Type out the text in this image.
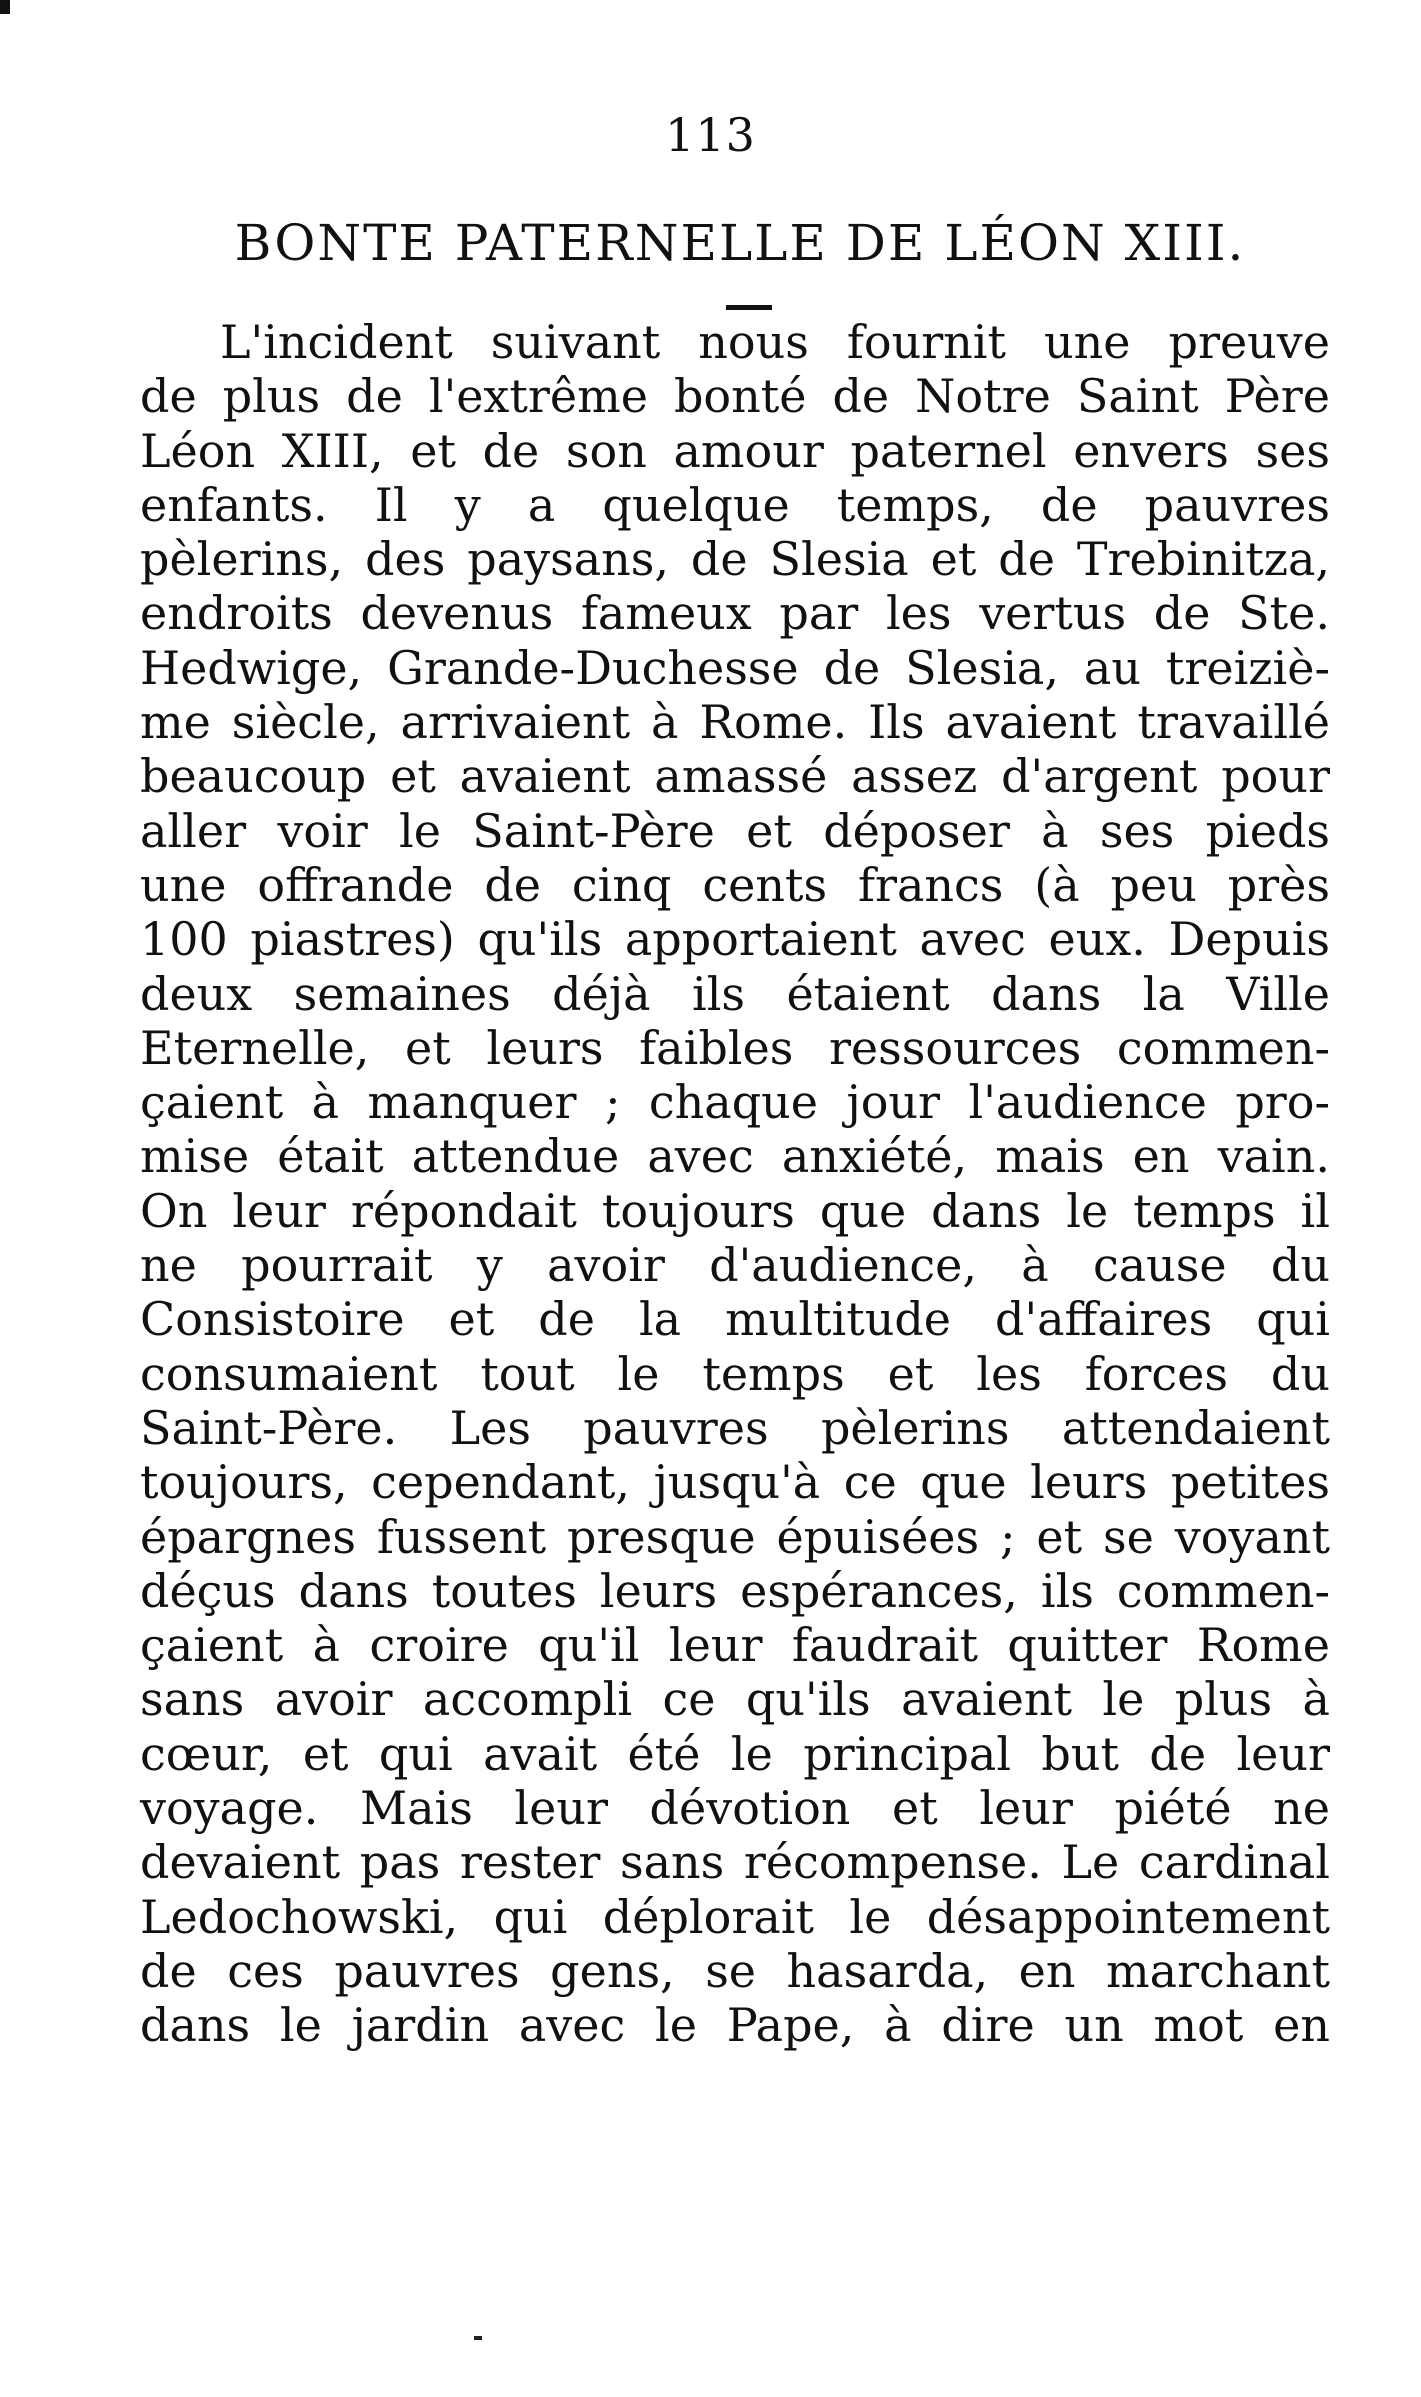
113
BONTE PATERNELLE DE LÉON XIII.
L'incident suivant nous fournit une preuve
de plus de l'extrême bonté de Notre Saint Père
Léon XIII, et de son amour paternel envers ses
enfants. Il y a quelque temps, de pauvres
pèlerins, des paysans, de Slesia et de Trebinitza,
endroits devenus fameux par les vertus de Ste.
Hedwige, Grande-Duchesse de Slesia, au treiziè-
me siècle, arrivaient à Rome. Ils avaient travaillé
beaucoup et avaient amassé assez d'argent pour
aller voir le Saint-Père et déposer à ses pieds
une offrande de cinq cents francs (à peu près
100 piastres) qu'ils apportaient avec eux. Depuis
deux semaines déjà ils étaient dans la Ville
Eternelle, et leurs faibles ressources commen-
çaient à manquer ; chaque jour l'audience pro-
mise était attendue avec anxiété, mais en vain.
On leur répondait toujours que dans le temps il
ne pourrait y avoir d'audience, à cause du
Consistoire et de la multitude d'affaires qui
consumaient tout le temps et les forces du
Saint-Père. Les pauvres pèlerins attendaient
toujours, cependant, jusqu'à ce que leurs petites
épargnes fussent presque épuisées ; et se voyant
déçus dans toutes leurs espérances, ils commen-
çaient à croire qu'il leur faudrait quitter Rome
sans avoir accompli ce qu'ils avaient le plus à
cœur, et qui avait été le principal but de leur
voyage. Mais leur dévotion et leur piété ne
devaient pas rester sans récompense. Le cardinal
Ledochowski, qui déplorait le désappointement
de ces pauvres gens, se hasarda, en marchant
dans le jardin avec le Pape, à dire un mot en
